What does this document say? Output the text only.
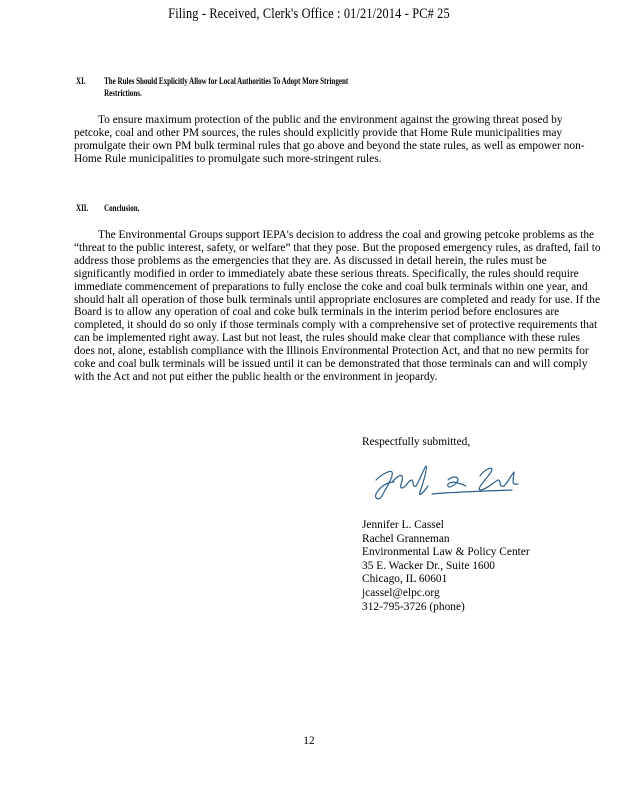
Filing - Received, Clerk's Office : 01/21/2014 - PC# 25
XI. The Rules Should Explicitly Allow for Local Authorities To Adopt More Stringent
Restrictions.
To ensure maximum protection of the public and the environment against the growing threat posed by petcoke, coal and other PM sources, the rules should explicitly provide that Home Rule municipalities may promulgate their own PM bulk terminal rules that go above and beyond the state rules, as well as empower non-Home Rule municipalities to promulgate such more-stringent rules.
XII. Conclusion.
The Environmental Groups support IEPA's decision to address the coal and growing petcoke problems as the “threat to the public interest, safety, or welfare” that they pose. But the proposed emergency rules, as drafted, fail to address those problems as the emergencies that they are. As discussed in detail herein, the rules must be significantly modified in order to immediately abate these serious threats. Specifically, the rules should require immediate commencement of preparations to fully enclose the coke and coal bulk terminals within one year, and should halt all operation of those bulk terminals until appropriate enclosures are completed and ready for use. If the Board is to allow any operation of coal and coke bulk terminals in the interim period before enclosures are completed, it should do so only if those terminals comply with a comprehensive set of protective requirements that can be implemented right away. Last but not least, the rules should make clear that compliance with these rules does not, alone, establish compliance with the Illinois Environmental Protection Act, and that no new permits for coke and coal bulk terminals will be issued until it can be demonstrated that those terminals can and will comply with the Act and not put either the public health or the environment in jeopardy.
Respectfully submitted,
Jennifer L. Cassel
Rachel Granneman
Environmental Law & Policy Center
35 E. Wacker Dr., Suite 1600
Chicago, IL 60601
jcassel@elpc.org
312-795-3726 (phone)
12
